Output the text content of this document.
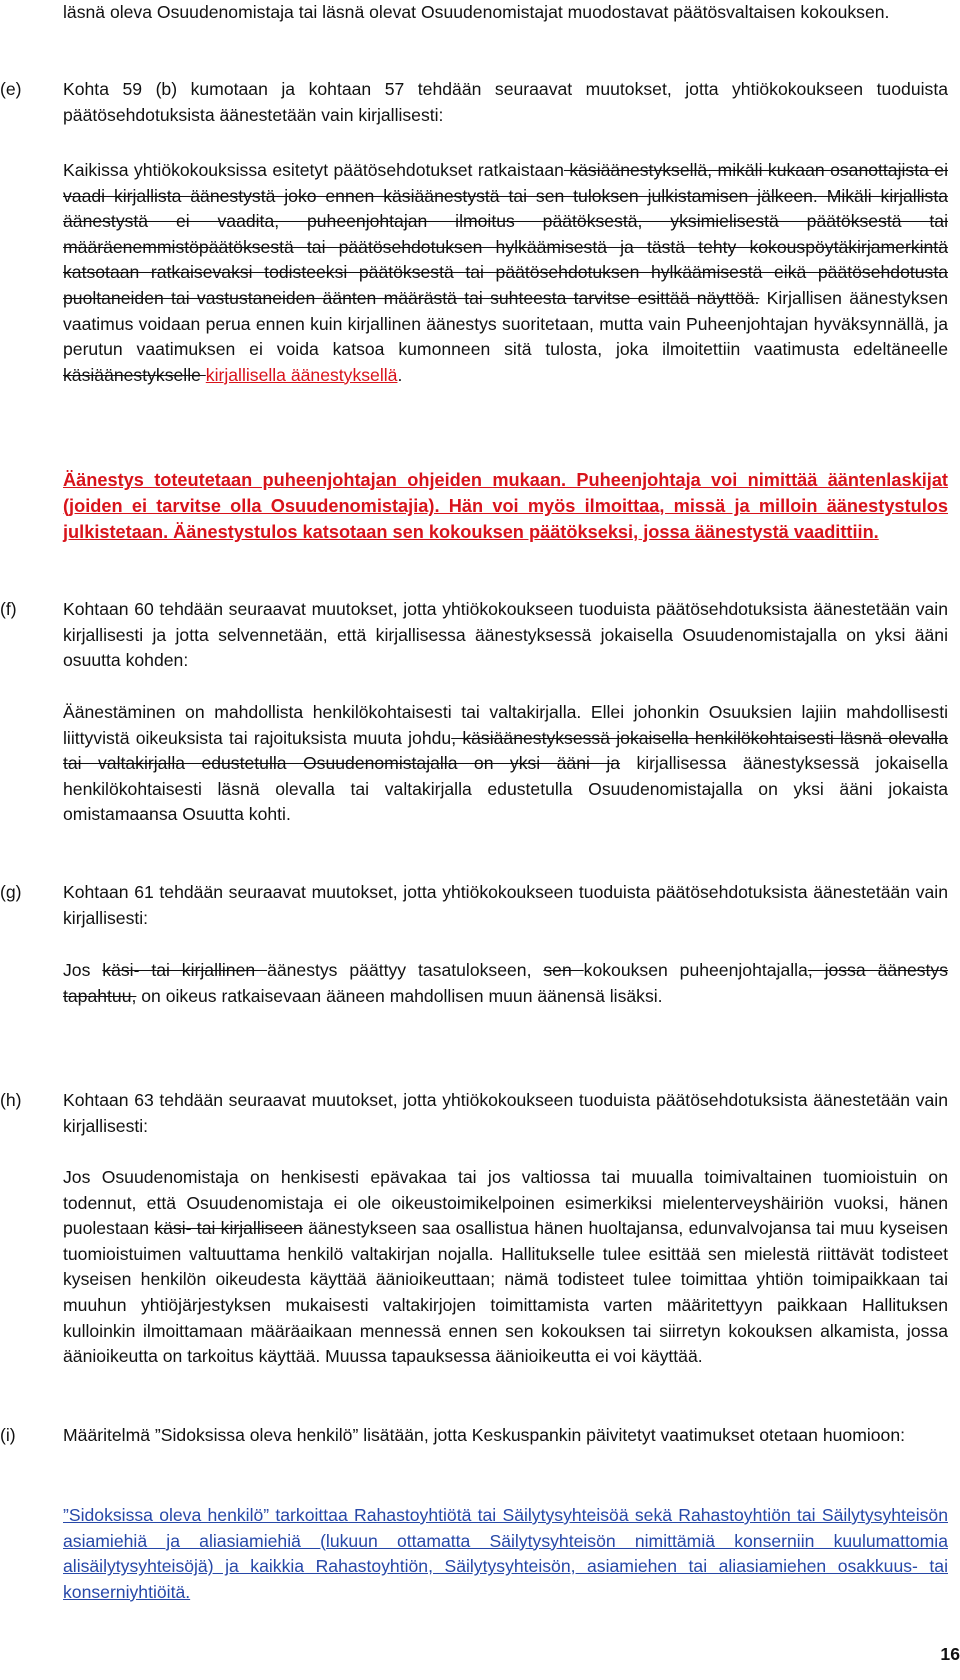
läsnä oleva Osuudenomistaja tai läsnä olevat Osuudenomistajat muodostavat päätösvaltaisen kokouksen.
(e)	Kohta 59 (b) kumotaan ja kohtaan 57 tehdään seuraavat muutokset, jotta yhtiökokoukseen tuoduista päätösehdotuksista äänestetään vain kirjallisesti:
Kaikissa yhtiökokouksissa esitetyt päätösehdotukset ratkaistaan käsiäänestyksellä, mikäli kukaan osanottajista ei vaadi kirjallista äänestystä joko ennen käsiäänestystä tai sen tuloksen julkistamisen jälkeen. Mikäli kirjallista äänestystä ei vaadita, puheenjohtajan ilmoitus päätöksestä, yksimielisestä päätöksestä tai määräenemmistöpäätöksestä tai päätösehdotuksen hylkäämisestä ja tästä tehty kokouspöytäkirjamerkintä katsotaan ratkaisevaksi todisteeksi päätöksestä tai päätösehdotuksen hylkäämisestä eikä päätösehdotusta puoltaneiden tai vastustaneiden äänten määrästä tai suhteesta tarvitse esittää näyttöä. Kirjallisen äänestyksen vaatimus voidaan perua ennen kuin kirjallinen äänestys suoritetaan, mutta vain Puheenjohtajan hyväksynnällä, ja perutun vaatimuksen ei voida katsoa kumonneen sitä tulosta, joka ilmoitettiin vaatimusta edeltäneelle käsiäänestykselle kirjallisella äänestyksellä.
Äänestys toteutetaan puheenjohtajan ohjeiden mukaan. Puheenjohtaja voi nimittää ääntenlaskijat (joiden ei tarvitse olla Osuudenomistajia). Hän voi myös ilmoittaa, missä ja milloin äänestystulos julkistetaan. Äänestystulos katsotaan sen kokouksen päätökseksi, jossa äänestystä vaadittiin.
(f)	Kohtaan 60 tehdään seuraavat muutokset, jotta yhtiökokoukseen tuoduista päätösehdotuksista äänestetään vain kirjallisesti ja jotta selvennetään, että kirjallisessa äänestyksessä jokaisella Osuudenomistajalla on yksi ääni osuutta kohden:
Äänestäminen on mahdollista henkilökohtaisesti tai valtakirjalla. Ellei johonkin Osuuksien lajiin mahdollisesti liittyvistä oikeuksista tai rajoituksista muuta johdu, käsiäänestyksessä jokaisella henkilökohtaisesti läsnä olevalla tai valtakirjalla edustetulla Osuudenomistajalla on yksi ääni ja kirjallisessa äänestyksessä jokaisella henkilökohtaisesti läsnä olevalla tai valtakirjalla edustetulla Osuudenomistajalla on yksi ääni jokaista omistamaansa Osuutta kohti.
(g)	Kohtaan 61 tehdään seuraavat muutokset, jotta yhtiökokoukseen tuoduista päätösehdotuksista äänestetään vain kirjallisesti:
Jos käsi- tai kirjallinen äänestys päättyy tasatulokseen, sen kokouksen puheenjohtajalla, jossa äänestys tapahtuu, on oikeus ratkaisevaan ääneen mahdollisen muun äänensä lisäksi.
(h)	Kohtaan 63 tehdään seuraavat muutokset, jotta yhtiökokoukseen tuoduista päätösehdotuksista äänestetään vain kirjallisesti:
Jos Osuudenomistaja on henkisesti epävakaa tai jos valtiossa tai muualla toimivaltainen tuomioistuin on todennut, että Osuudenomistaja ei ole oikeustoimikelpoinen esimerkiksi mielenterveyshäiriön vuoksi, hänen puolestaan käsi- tai kirjalliseen äänestykseen saa osallistua hänen huoltajansa, edunvalvojansa tai muu kyseisen tuomioistuimen valtuuttama henkilö valtakirjan nojalla. Hallitukselle tulee esittää sen mielestä riittävät todisteet kyseisen henkilön oikeudesta käyttää äänioikeuttaan; nämä todisteet tulee toimittaa yhtiön toimipaikkaan tai muuhun yhtiöjärjestyksen mukaisesti valtakirjojen toimittamista varten määritettyyn paikkaan Hallituksen kulloinkin ilmoittamaan määräaikaan mennessä ennen sen kokouksen tai siirretyn kokouksen alkamista, jossa äänioikeutta on tarkoitus käyttää. Muussa tapauksessa äänioikeutta ei voi käyttää.
(i)	Määritelmä ”Sidoksissa oleva henkilö” lisätään, jotta Keskuspankin päivitetyt vaatimukset otetaan huomioon:
”Sidoksissa oleva henkilö” tarkoittaa Rahastoyhtiötä tai Säilytysyhteisöä sekä Rahastoyhtiön tai Säilytysyhteisön asiamiehiä ja aliasiamiehiä (lukuun ottamatta Säilytysyhteisön nimittämiä konserniin kuulumattomia alisäilytysyhteisöjä) ja kaikkia Rahastoyhtiön, Säilytysyhteisön, asiamiehen tai aliasiamiehen osakkuus- tai konserniyhtiöitä.
16
